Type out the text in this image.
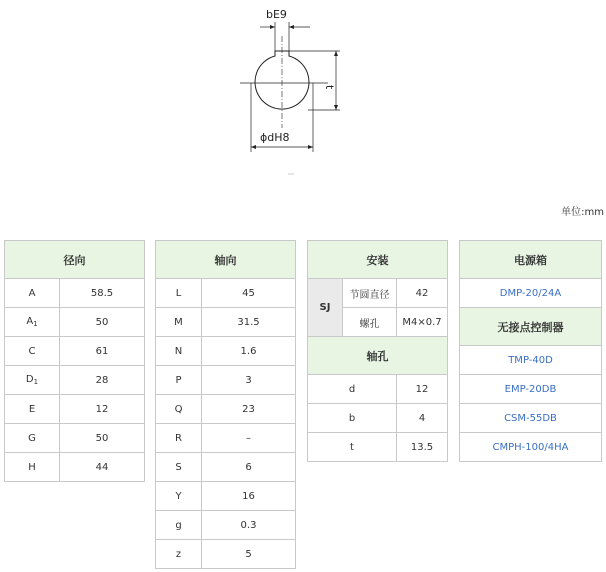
bE9
ϕdH8
t
单位:mm
径向	
A	58.5
$A_1$	50
C	61
$D_1$	28
E	12
G	50
H	44
轴向	
L	45
M	31.5
N	1.6
P	3
Q	23
R	–
S	6
Y	16
g	0.3
z	5
安装		
SJ	节圆直径	42
	螺孔	M4×0.7
轴孔		
d		12
b		4
t		13.5
电源箱
DMP-20/24A
无接点控制器
TMP-40D
EMP-20DB
CSM-55DB
CMPH-100/4HA
